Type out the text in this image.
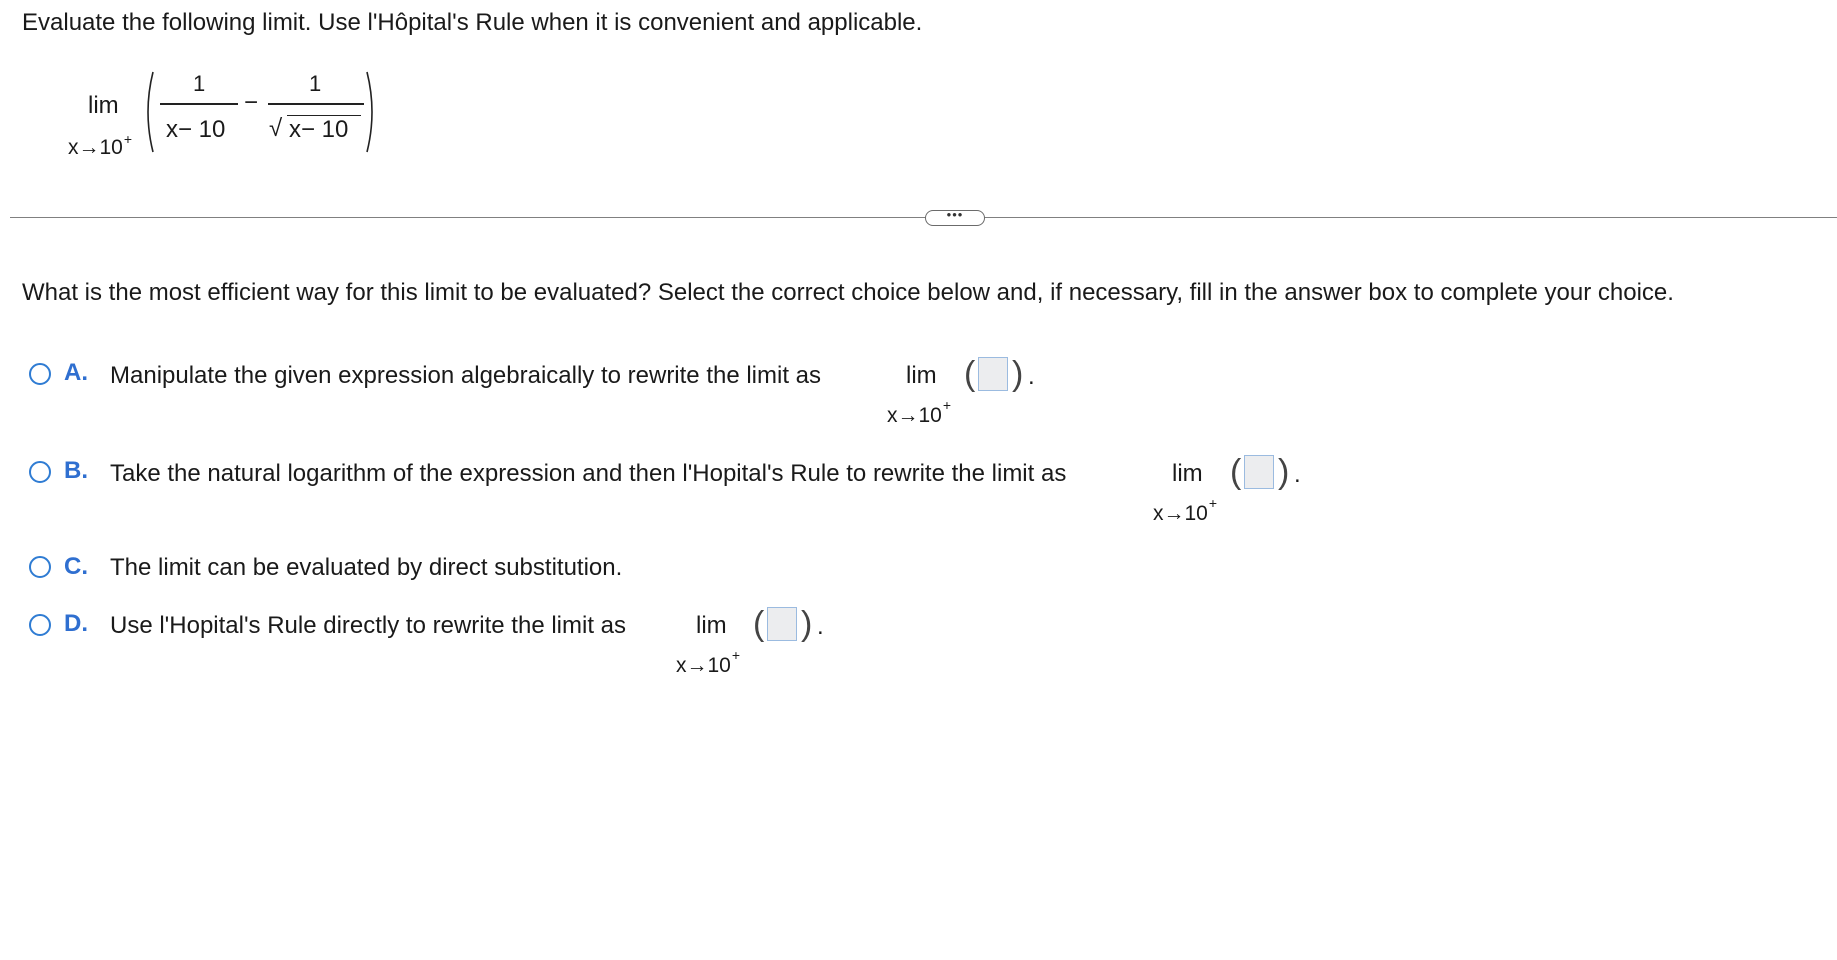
Evaluate the following limit. Use l'Hôpital's Rule when it is convenient and applicable.
lim
x→10+
1
x− 10
−
1
√ x− 10
•••
What is the most efficient way for this limit to be evaluated? Select the correct choice below and, if necessary, fill in the answer box to complete your choice.
A. Manipulate the given expression algebraically to rewrite the limit as	lim
x→10+
( ) .
B. Take the natural logarithm of the expression and then l'Hopital's Rule to rewrite the limit as	lim
x→10+
( ) .
C. The limit can be evaluated by direct substitution.
D. Use l'Hopital's Rule directly to rewrite the limit as	lim
x→10+
( ) .
